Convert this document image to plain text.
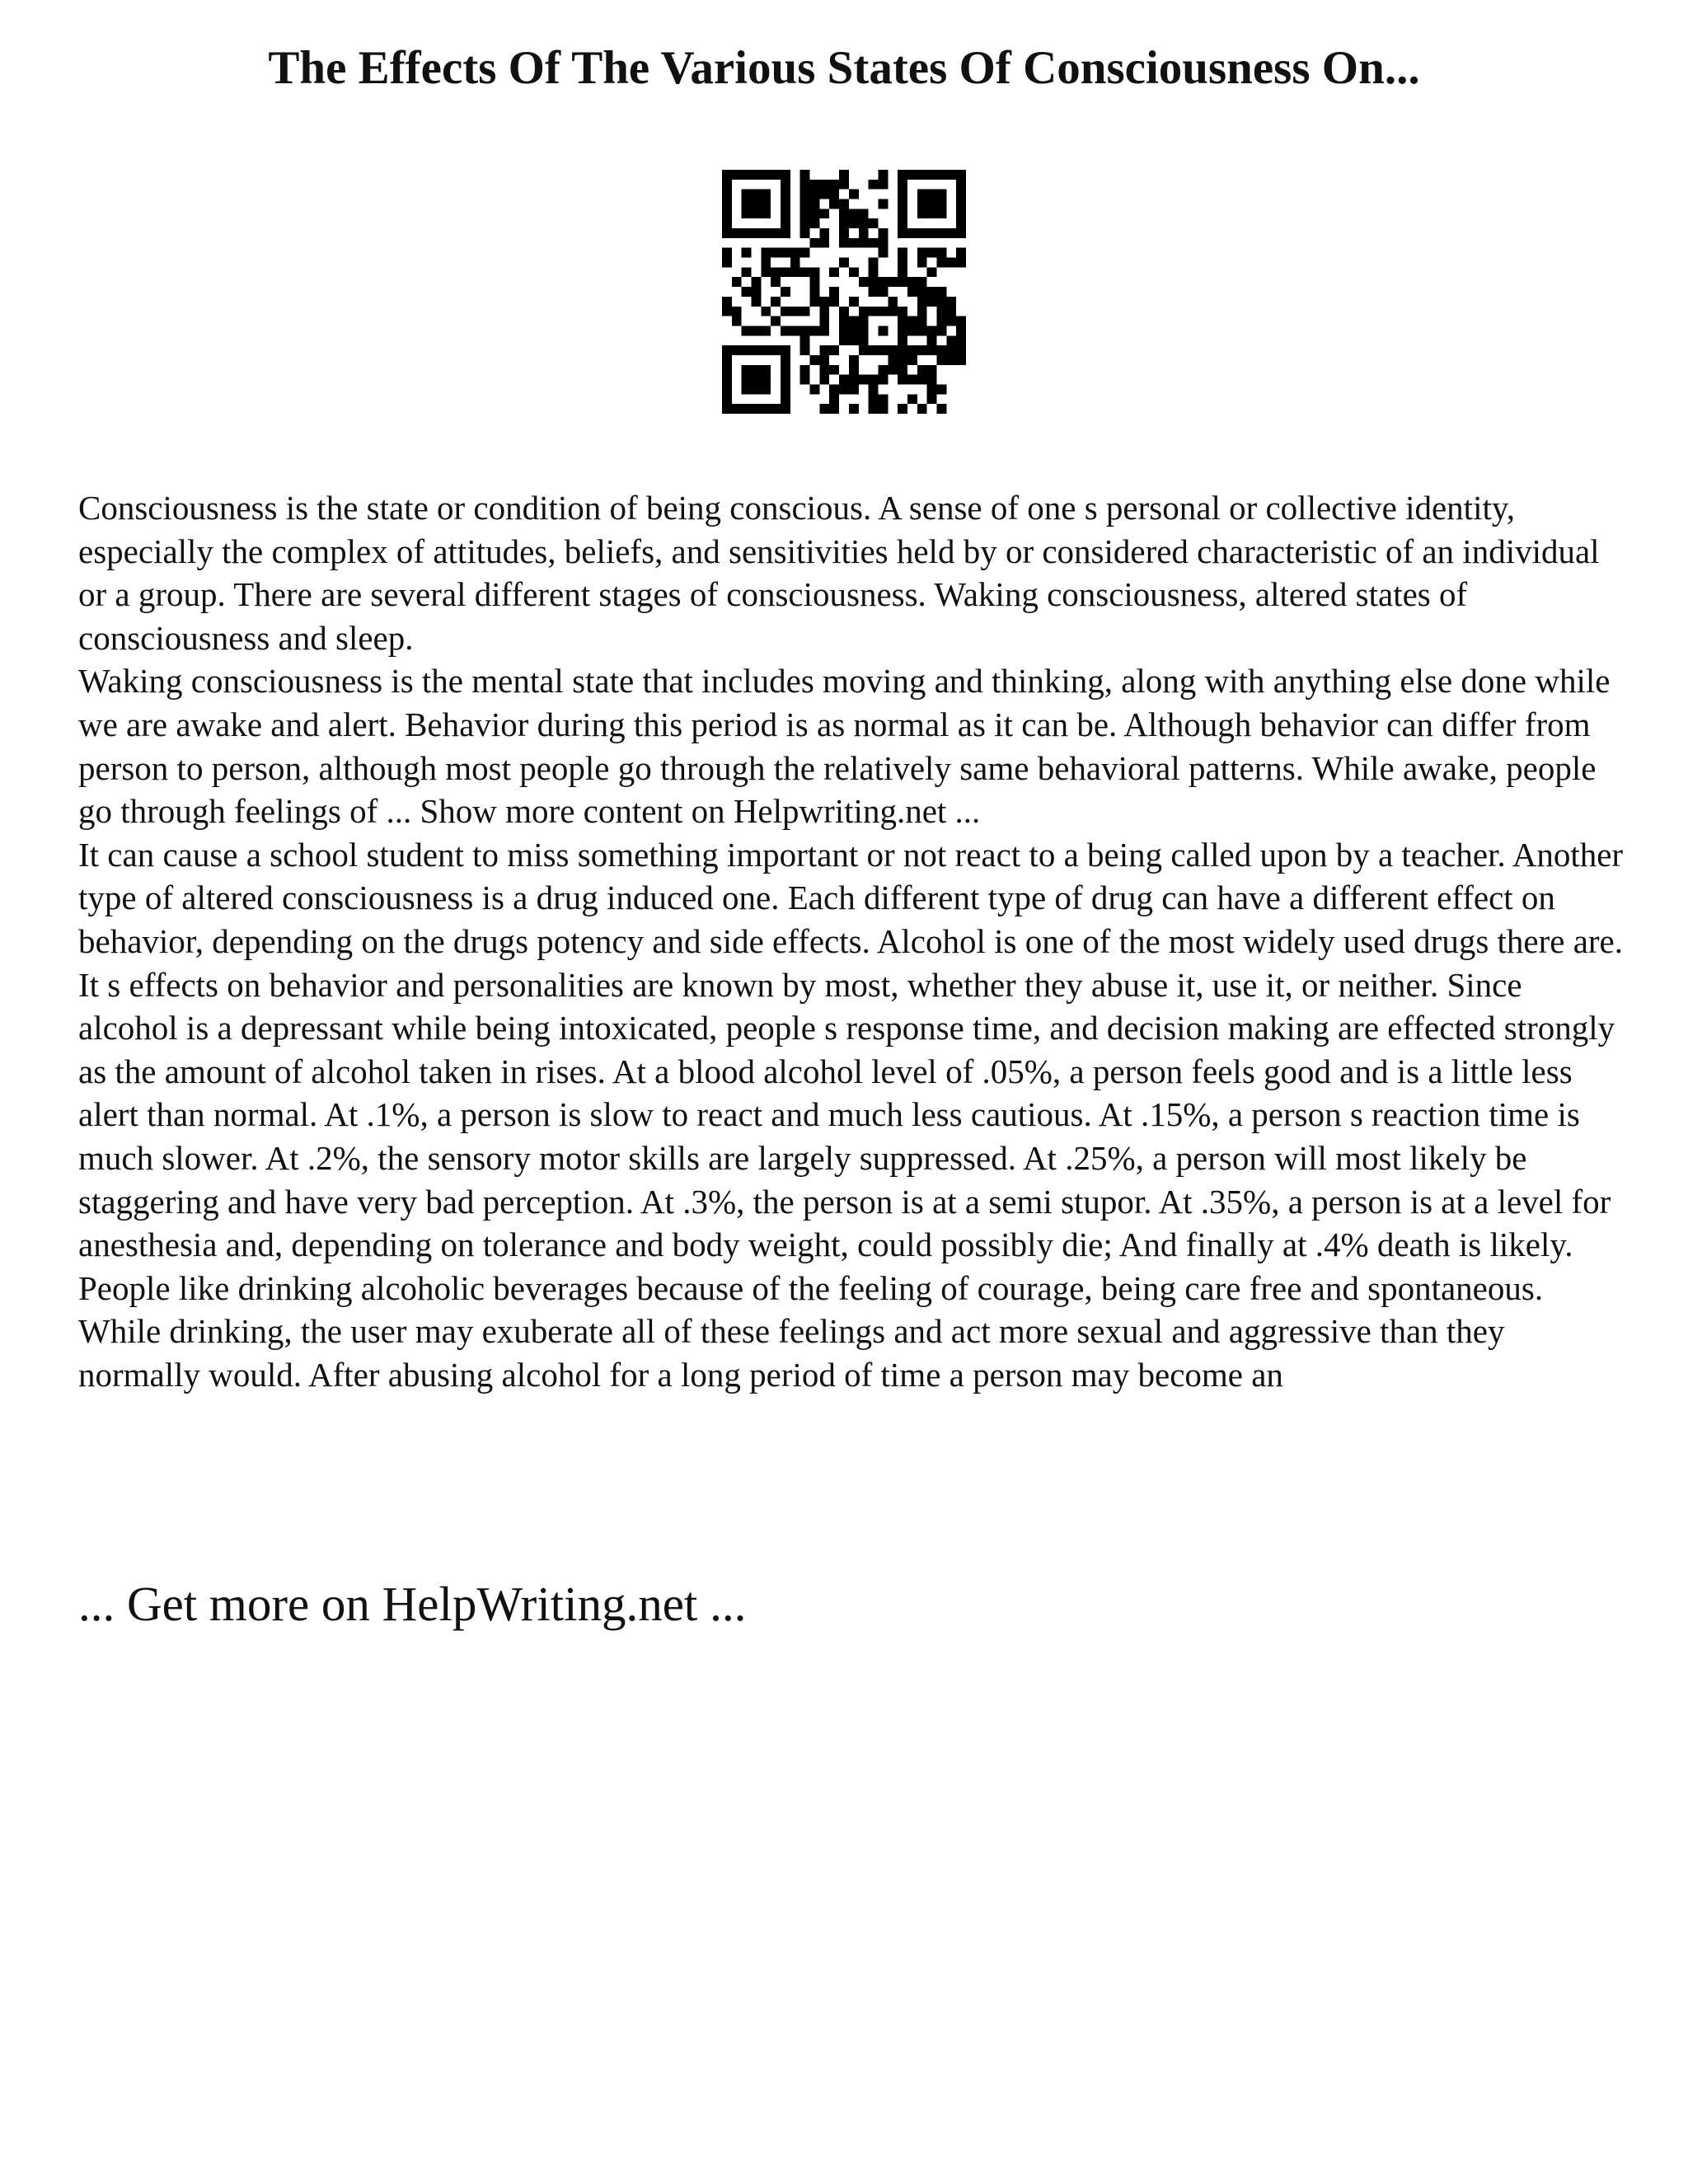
The Effects Of The Various States Of Consciousness On...

Consciousness is the state or condition of being conscious. A sense of one s personal or collective identity, especially the complex of attitudes, beliefs, and sensitivities held by or considered characteristic of an individual or a group. There are several different stages of consciousness. Waking consciousness, altered states of consciousness and sleep.

Waking consciousness is the mental state that includes moving and thinking, along with anything else done while we are awake and alert. Behavior during this period is as normal as it can be. Although behavior can differ from person to person, although most people go through the relatively same behavioral patterns. While awake, people go through feelings of ... Show more content on Helpwriting.net ...

It can cause a school student to miss something important or not react to a being called upon by a teacher. Another type of altered consciousness is a drug induced one. Each different type of drug can have a different effect on behavior, depending on the drugs potency and side effects. Alcohol is one of the most widely used drugs there are. It s effects on behavior and personalities are known by most, whether they abuse it, use it, or neither. Since alcohol is a depressant while being intoxicated, people s response time, and decision making are effected strongly as the amount of alcohol taken in rises. At a blood alcohol level of .05%, a person feels good and is a little less alert than normal. At .1%, a person is slow to react and much less cautious. At .15%, a person s reaction time is much slower. At .2%, the sensory motor skills are largely suppressed. At .25%, a person will most likely be staggering and have very bad perception. At .3%, the person is at a semi stupor. At .35%, a person is at a level for anesthesia and, depending on tolerance and body weight, could possibly die; And finally at .4% death is likely. People like drinking alcoholic beverages because of the feeling of courage, being care free and spontaneous. While drinking, the user may exuberate all of these feelings and act more sexual and aggressive than they normally would. After abusing alcohol for a long period of time a person may become an

... Get more on HelpWriting.net ...
